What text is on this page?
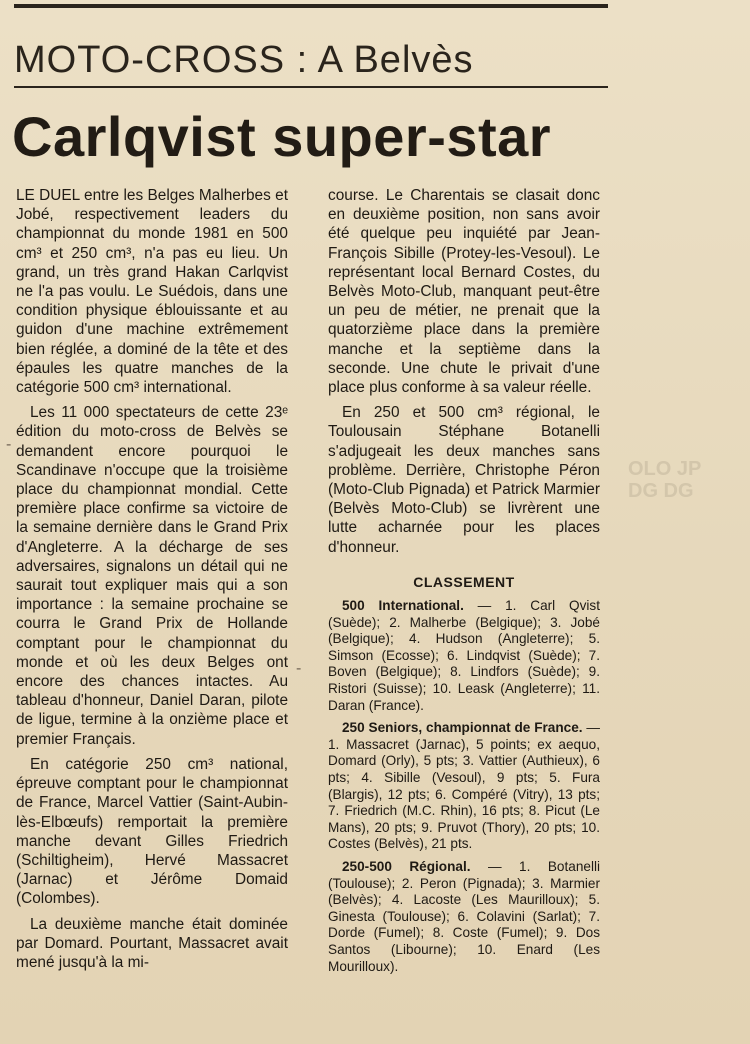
MOTO-CROSS : A Belvès
Carlqvist super-star

LE DUEL entre les Belges Malherbes et Jobé, respectivement leaders du championnat du monde 1981 en 500 cm³ et 250 cm³, n'a pas eu lieu. Un grand, un très grand Hakan Carlqvist ne l'a pas voulu. Le Suédois, dans une condition physique éblouissante et au guidon d'une machine extrêmement bien réglée, a dominé de la tête et des épaules les quatre manches de la catégorie 500 cm³ international.

Les 11 000 spectateurs de cette 23ᵉ édition du moto-cross de Belvès se demandent encore pourquoi le Scandinave n'occupe que la troisième place du championnat mondial. Cette première place confirme sa victoire de la semaine dernière dans le Grand Prix d'Angleterre. A la décharge de ses adversaires, signalons un détail qui ne saurait tout expliquer mais qui a son importance : la semaine prochaine se courra le Grand Prix de Hollande comptant pour le championnat du monde et où les deux Belges ont encore des chances intactes. Au tableau d'honneur, Daniel Daran, pilote de ligue, termine à la onzième place et premier Français.

En catégorie 250 cm³ national, épreuve comptant pour le championnat de France, Marcel Vattier (Saint-Aubin-lès-Elbœufs) remportait la première manche devant Gilles Friedrich (Schiltigheim), Hervé Massacret (Jarnac) et Jérôme Domaid (Colombes).

La deuxième manche était dominée par Domard. Pourtant, Massacret avait mené jusqu'à la mi-

course. Le Charentais se clasait donc en deuxième position, non sans avoir été quelque peu inquiété par Jean-François Sibille (Protey-les-Vesoul). Le représentant local Bernard Costes, du Belvès Moto-Club, manquant peut-être un peu de métier, ne prenait que la quatorzième place dans la première manche et la septième dans la seconde. Une chute le privait d'une place plus conforme à sa valeur réelle.

En 250 et 500 cm³ régional, le Toulousain Stéphane Botanelli s'adjugeait les deux manches sans problème. Derrière, Christophe Péron (Moto-Club Pignada) et Patrick Marmier (Belvès Moto-Club) se livrèrent une lutte acharnée pour les places d'honneur.

CLASSEMENT

500 International. — 1. Carl Qvist (Suède); 2. Malherbe (Belgique); 3. Jobé (Belgique); 4. Hudson (Angleterre); 5. Simson (Ecosse); 6. Lindqvist (Suède); 7. Boven (Belgique); 8. Lindfors (Suède); 9. Ristori (Suisse); 10. Leask (Angleterre); 11. Daran (France).

250 Seniors, championnat de France. — 1. Massacret (Jarnac), 5 points; ex aequo, Domard (Orly), 5 pts; 3. Vattier (Authieux), 6 pts; 4. Sibille (Vesoul), 9 pts; 5. Fura (Blargis), 12 pts; 6. Compéré (Vitry), 13 pts; 7. Friedrich (M.C. Rhin), 16 pts; 8. Picut (Le Mans), 20 pts; 9. Pruvot (Thory), 20 pts; 10. Costes (Belvès), 21 pts.

250-500 Régional. — 1. Botanelli (Toulouse); 2. Peron (Pignada); 3. Marmier (Belvès); 4. Lacoste (Les Maurilloux); 5. Ginesta (Toulouse); 6. Colavini (Sarlat); 7. Dorde (Fumel); 8. Coste (Fumel); 9. Dos Santos (Libourne); 10. Enard (Les Mourilloux).

-
-
OLO JP
DG DG
